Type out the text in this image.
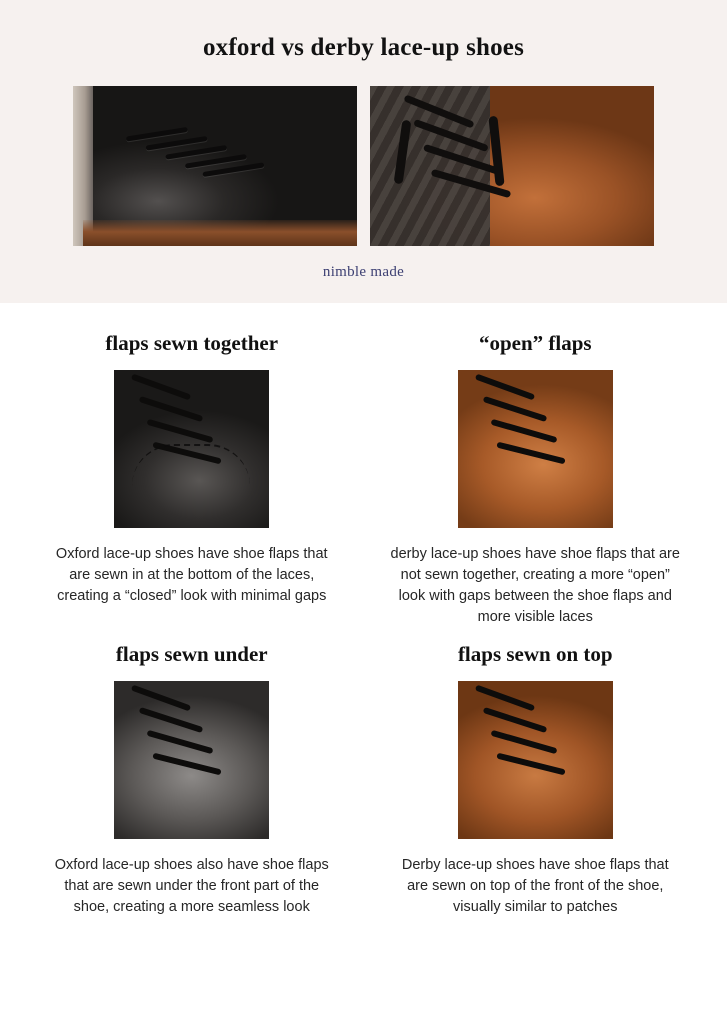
oxford vs derby lace-up shoes
nimble made
flaps sewn together
Oxford lace-up shoes have shoe flaps that are sewn in at the bottom of the laces, creating a “closed” look with minimal gaps
“open” flaps
derby lace-up shoes have shoe flaps that are not sewn together, creating a more “open” look with gaps between the shoe flaps and more visible laces
flaps sewn under
Oxford lace-up shoes also have shoe flaps that are sewn under the front part of the shoe, creating a more seamless look
flaps sewn on top
Derby lace-up shoes have shoe flaps that are sewn on top of the front of the shoe, visually similar to patches
